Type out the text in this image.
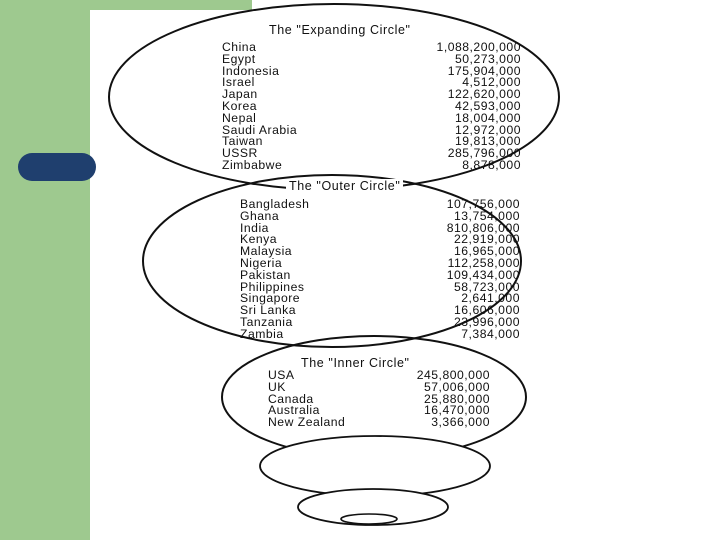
The "Expanding Circle"
China	1,088,200,000
Egypt	50,273,000
Indonesia	175,904,000
Israel	4,512,000
Japan	122,620,000
Korea	42,593,000
Nepal	18,004,000
Saudi Arabia	12,972,000
Taiwan	19,813,000
USSR	285,796,000
Zimbabwe	8,878,000
The "Outer Circle"
Bangladesh	107,756,000
Ghana	13,754,000
India	810,806,000
Kenya	22,919,000
Malaysia	16,965,000
Nigeria	112,258,000
Pakistan	109,434,000
Philippines	58,723,000
Singapore	2,641,000
Sri Lanka	16,606,000
Tanzania	23,996,000
Zambia	7,384,000
The "Inner Circle"
USA	245,800,000
UK	57,006,000
Canada	25,880,000
Australia	16,470,000
New Zealand	3,366,000
